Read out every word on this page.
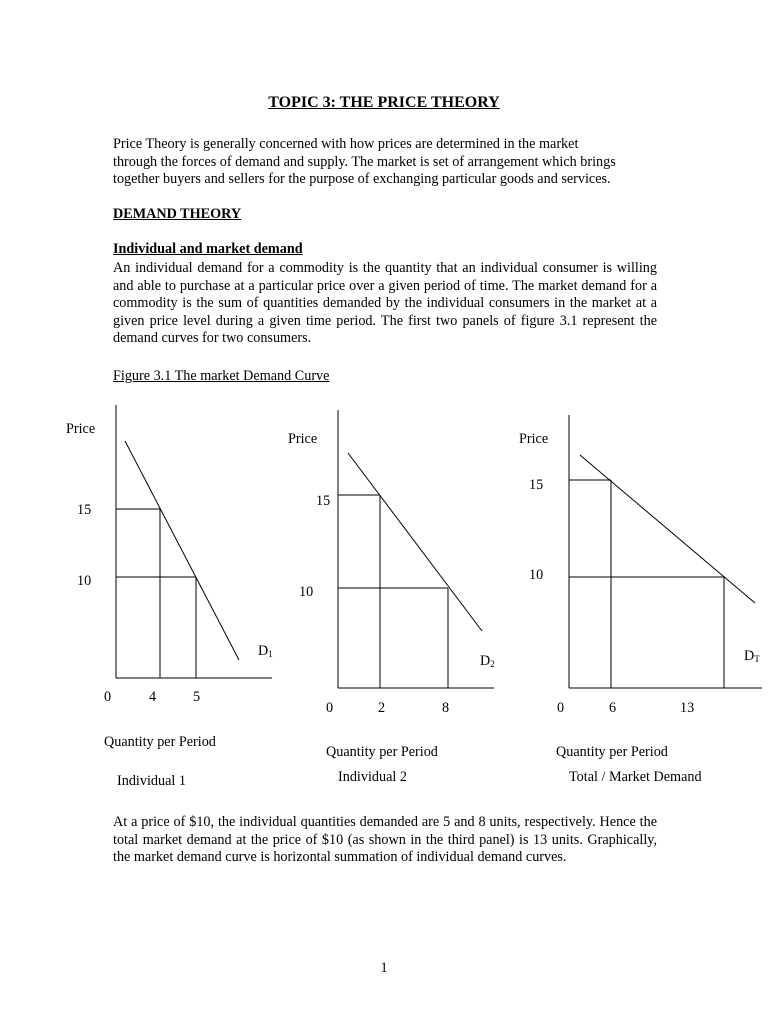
TOPIC 3: THE PRICE THEORY
Price Theory is generally concerned with how prices are determined in the market
through the forces of demand and supply. The market is set of arrangement which brings
together buyers and sellers for the purpose of exchanging particular goods and services.
DEMAND THEORY
Individual and market demand
An individual demand for a commodity is the quantity that an individual consumer is willing and able to purchase at a particular price over a given period of time. The market demand for a commodity is the sum of quantities demanded by the individual consumers in the market at a given price level during a given time period. The first two panels of figure 3.1 represent the demand curves for two consumers.
Figure 3.1 The market Demand Curve
Price
15
10
0	4	5
$D_1$
Quantity per Period
Individual 1
Price
15
10
0	2	8
$D_2$
Quantity per Period
Individual 2
Price
15
10
0	6	13
$D_T$
Quantity per Period
Total / Market Demand
At a price of $10, the individual quantities demanded are 5 and 8 units, respectively. Hence the total market demand at the price of $10 (as shown in the third panel) is 13 units. Graphically, the market demand curve is horizontal summation of individual demand curves.
1
